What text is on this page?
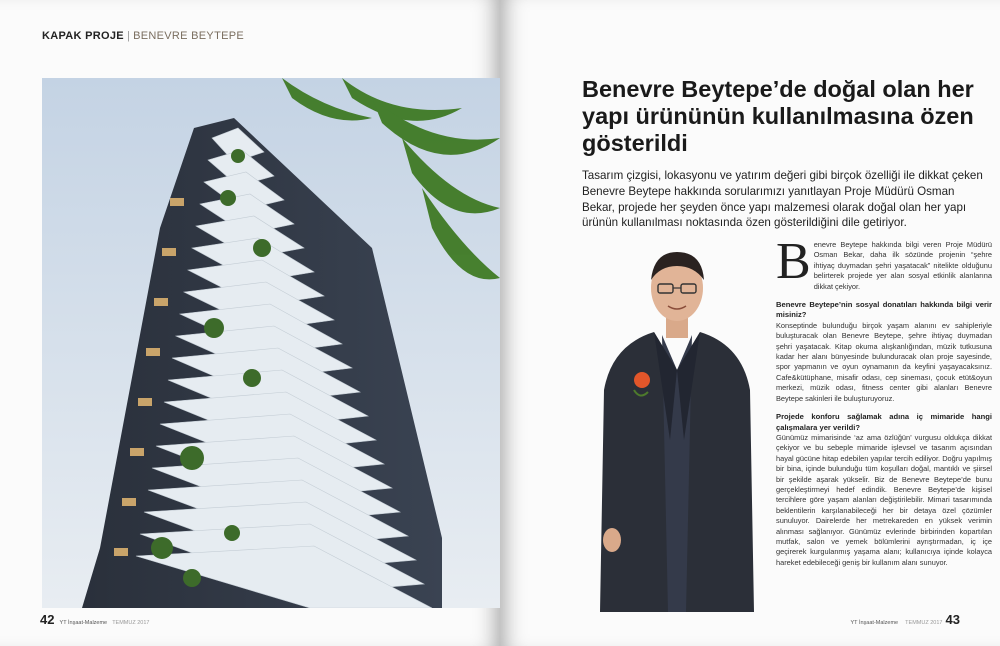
KAPAK PROJE | BENEVRE BEYTEPE
42 YT İnşaat-Malzeme TEMMUZ 2017
Benevre Beytepe’de doğal olan her yapı ürününün kullanılmasına özen gösterildi

Tasarım çizgisi, lokasyonu ve yatırım değeri gibi birçok özelliği ile dikkat çeken Benevre Beytepe hakkında sorularımızı yanıtlayan Proje Müdürü Osman Bekar, projede her şeyden önce yapı malzemesi olarak doğal olan her yapı ürünün kullanılması noktasında özen gösterildiğini dile getiriyor.

Benevre Beytepe hakkında bilgi veren Proje Müdürü Osman Bekar, daha ilk sözünde projenin “şehre ihtiyaç duymadan şehri yaşatacak” nitelikte olduğunu belirterek projede yer alan sosyal etkinlik alanlarına dikkat çekiyor.

Benevre Beytepe’nin sosyal donatıları hakkında bilgi verir misiniz?

Konseptinde bulunduğu birçok yaşam alanını ev sahipleriyle buluşturacak olan Benevre Beytepe, şehre ihtiyaç duymadan şehri yaşatacak. Kitap okuma alışkanlığından, müzik tutkusuna kadar her alanı bünyesinde bulunduracak olan proje sayesinde, spor yapmanın ve oyun oynamanın da keyfini yaşayacaksınız. Cafe&kütüphane, misafir odası, cep sineması, çocuk etüt&oyun merkezi, müzik odası, fitness center gibi alanları Benevre Beytepe sakinleri ile buluşturuyoruz.

Projede konforu sağlamak adına iç mimaride hangi çalışmalara yer verildi?

Günümüz mimarisinde ‘az ama özlüğün’ vurgusu oldukça dikkat çekiyor ve bu sebeple mimaride işlevsel ve tasarım açısından hayal gücüne hitap edebilen yapılar tercih ediliyor. Doğru yapılmış bir bina, içinde bulunduğu tüm koşulları doğal, mantıklı ve şiirsel bir şekilde aşarak yükselir. Biz de Benevre Beytepe’de bunu gerçekleştirmeyi hedef edindik. Benevre Beytepe’de kişisel tercihlere göre yaşam alanları değiştirilebilir. Mimari tasarımında beklentilerin karşılanabileceği her bir detaya özel çözümler sunuluyor. Dairelerde her metrekareden en yüksek verimin alınması sağlanıyor. Günümüz evlerinde birbirinden kopartılan mutfak, salon ve yemek bölümlerini ayrıştırmadan, iç içe geçirerek kurgulanmış yaşama alanı; kullanıcıya içinde kolayca hareket edebileceği geniş bir kullanım alanı sunuyor.

YT İnşaat-Malzeme TEMMUZ 2017 43
